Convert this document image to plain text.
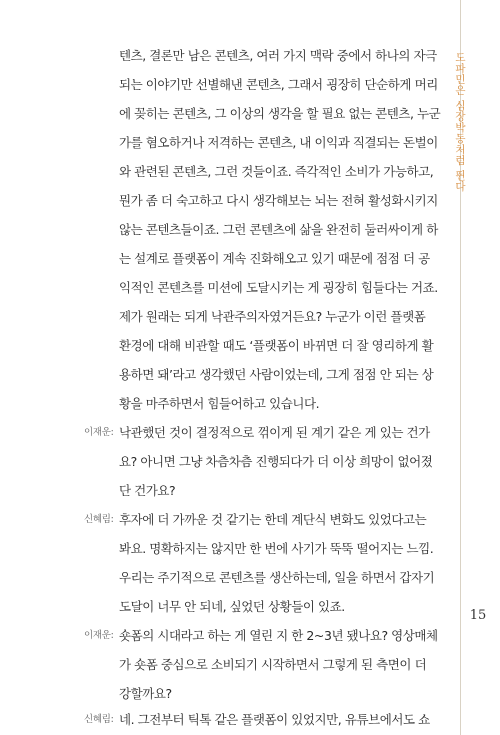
도파민은 심장박동처럼 뛴다
15
텐츠, 결론만 남은 콘텐츠, 여러 가지 맥락 중에서 하나의 자극
되는 이야기만 선별해낸 콘텐츠, 그래서 굉장히 단순하게 머리
에 꽂히는 콘텐츠, 그 이상의 생각을 할 필요 없는 콘텐츠, 누군
가를 혐오하거나 저격하는 콘텐츠, 내 이익과 직결되는 돈벌이
와 관련된 콘텐츠, 그런 것들이죠. 즉각적인 소비가 가능하고,
뭔가 좀 더 숙고하고 다시 생각해보는 뇌는 전혀 활성화시키지
않는 콘텐츠들이죠. 그런 콘텐츠에 삶을 완전히 둘러싸이게 하
는 설계로 플랫폼이 계속 진화해오고 있기 때문에 점점 더 공
익적인 콘텐츠를 미션에 도달시키는 게 굉장히 힘들다는 거죠.
제가 원래는 되게 낙관주의자였거든요? 누군가 이런 플랫폼
환경에 대해 비관할 때도 ‘플랫폼이 바뀌면 더 잘 영리하게 활
용하면 돼’라고 생각했던 사람이었는데, 그게 점점 안 되는 상
황을 마주하면서 힘들어하고 있습니다.
이재운: 낙관했던 것이 결정적으로 꺾이게 된 계기 같은 게 있는 건가
요? 아니면 그냥 차츰차츰 진행되다가 더 이상 희망이 없어졌
단 건가요?
신혜림: 후자에 더 가까운 것 같기는 한데 계단식 변화도 있었다고는
봐요. 명확하지는 않지만 한 번에 사기가 뚝뚝 떨어지는 느낌.
우리는 주기적으로 콘텐츠를 생산하는데, 일을 하면서 갑자기
도달이 너무 안 되네, 싶었던 상황들이 있죠.
이재운: 숏폼의 시대라고 하는 게 열린 지 한 2~3년 됐나요? 영상매체
가 숏폼 중심으로 소비되기 시작하면서 그렇게 된 측면이 더
강할까요?
신혜림: 네. 그전부터 틱톡 같은 플랫폼이 있었지만, 유튜브에서도 쇼
